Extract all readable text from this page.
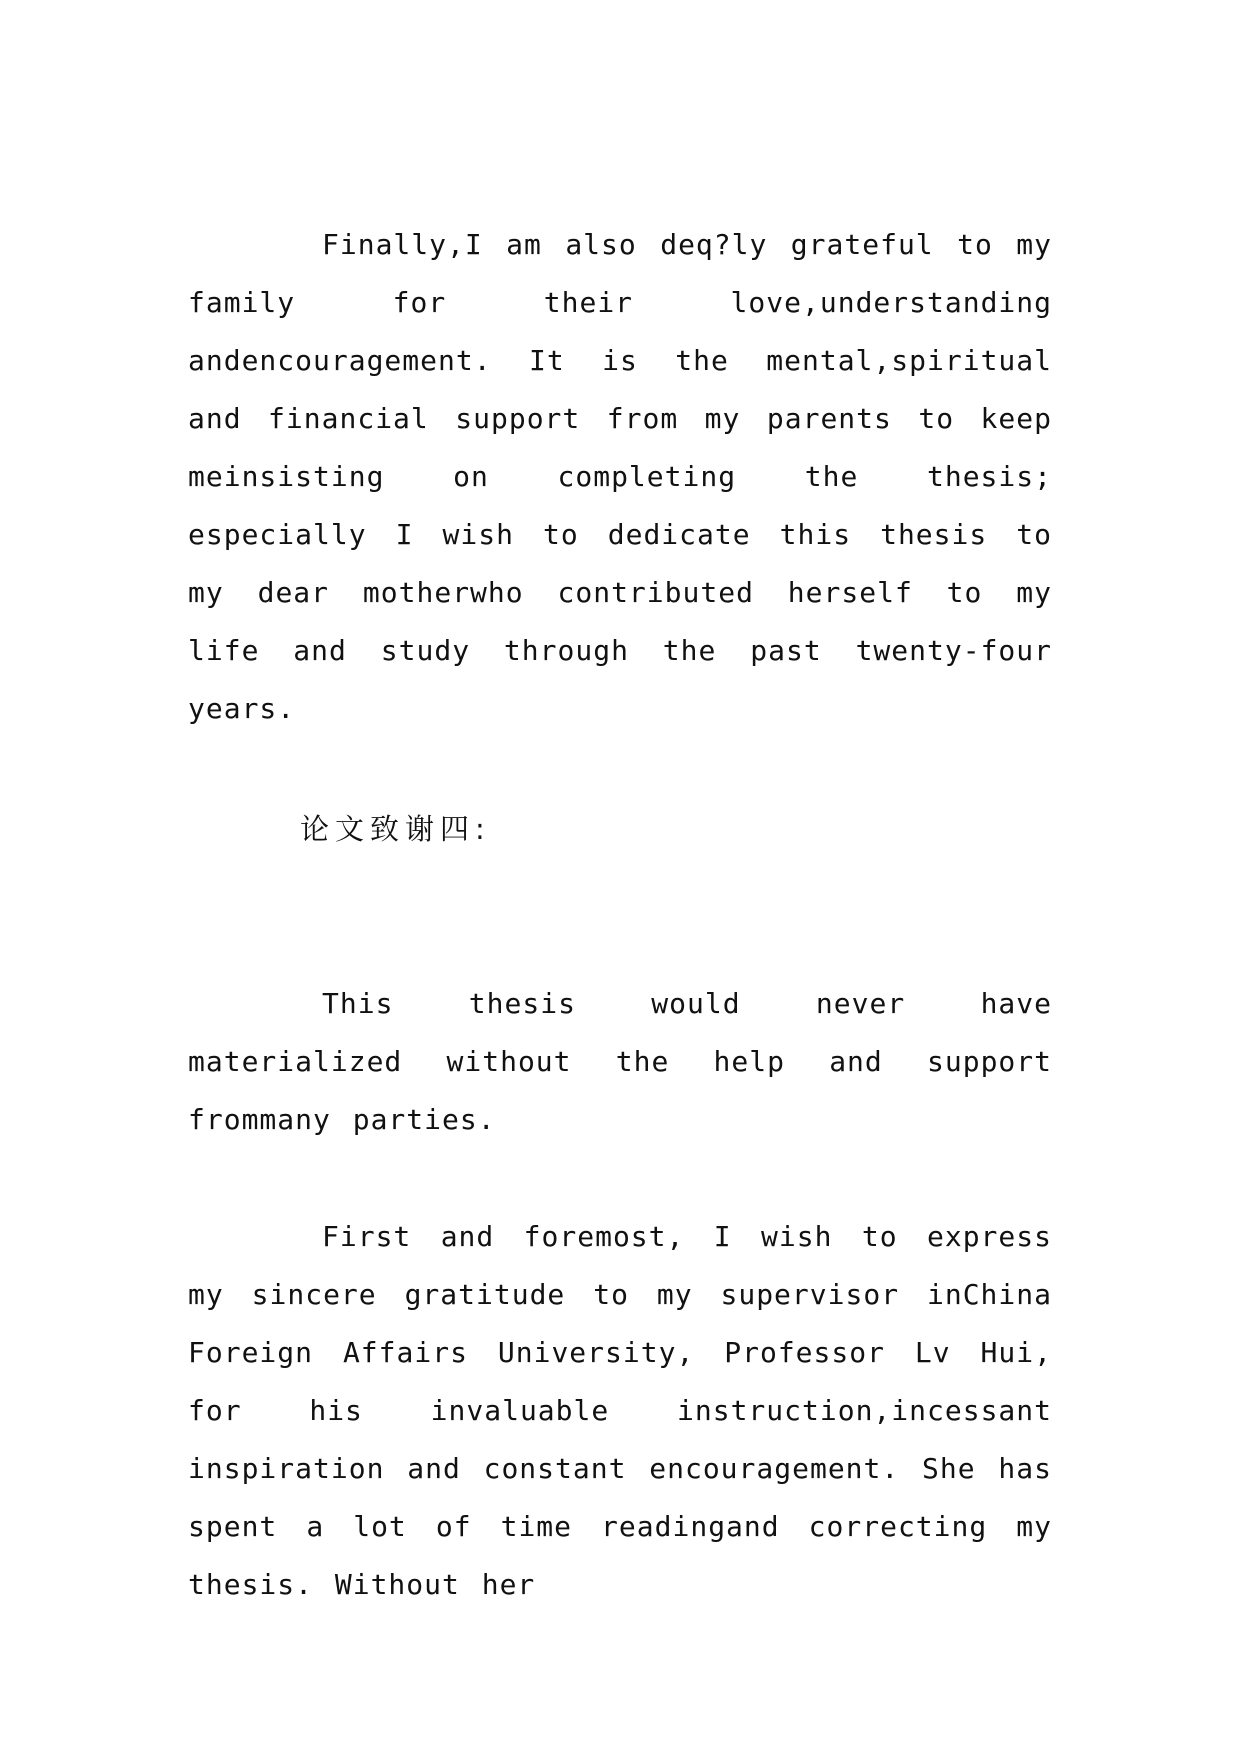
Finally,I am also deq?ly grateful to my family for their love,understanding andencouragement. It is the mental,spiritual and financial support from my parents to keep meinsisting on completing the thesis; especially I wish to dedicate this thesis to my dear motherwho contributed herself to my life and study through the past twenty-four years.

论文致谢四:

This thesis would never have materialized without the help and support frommany parties.

First and foremost, I wish to express my sincere gratitude to my supervisor inChina Foreign Affairs University, Professor Lv Hui, for his invaluable instruction,incessant inspiration and constant encouragement. She has spent a lot of time readingand correcting my thesis. Without her
